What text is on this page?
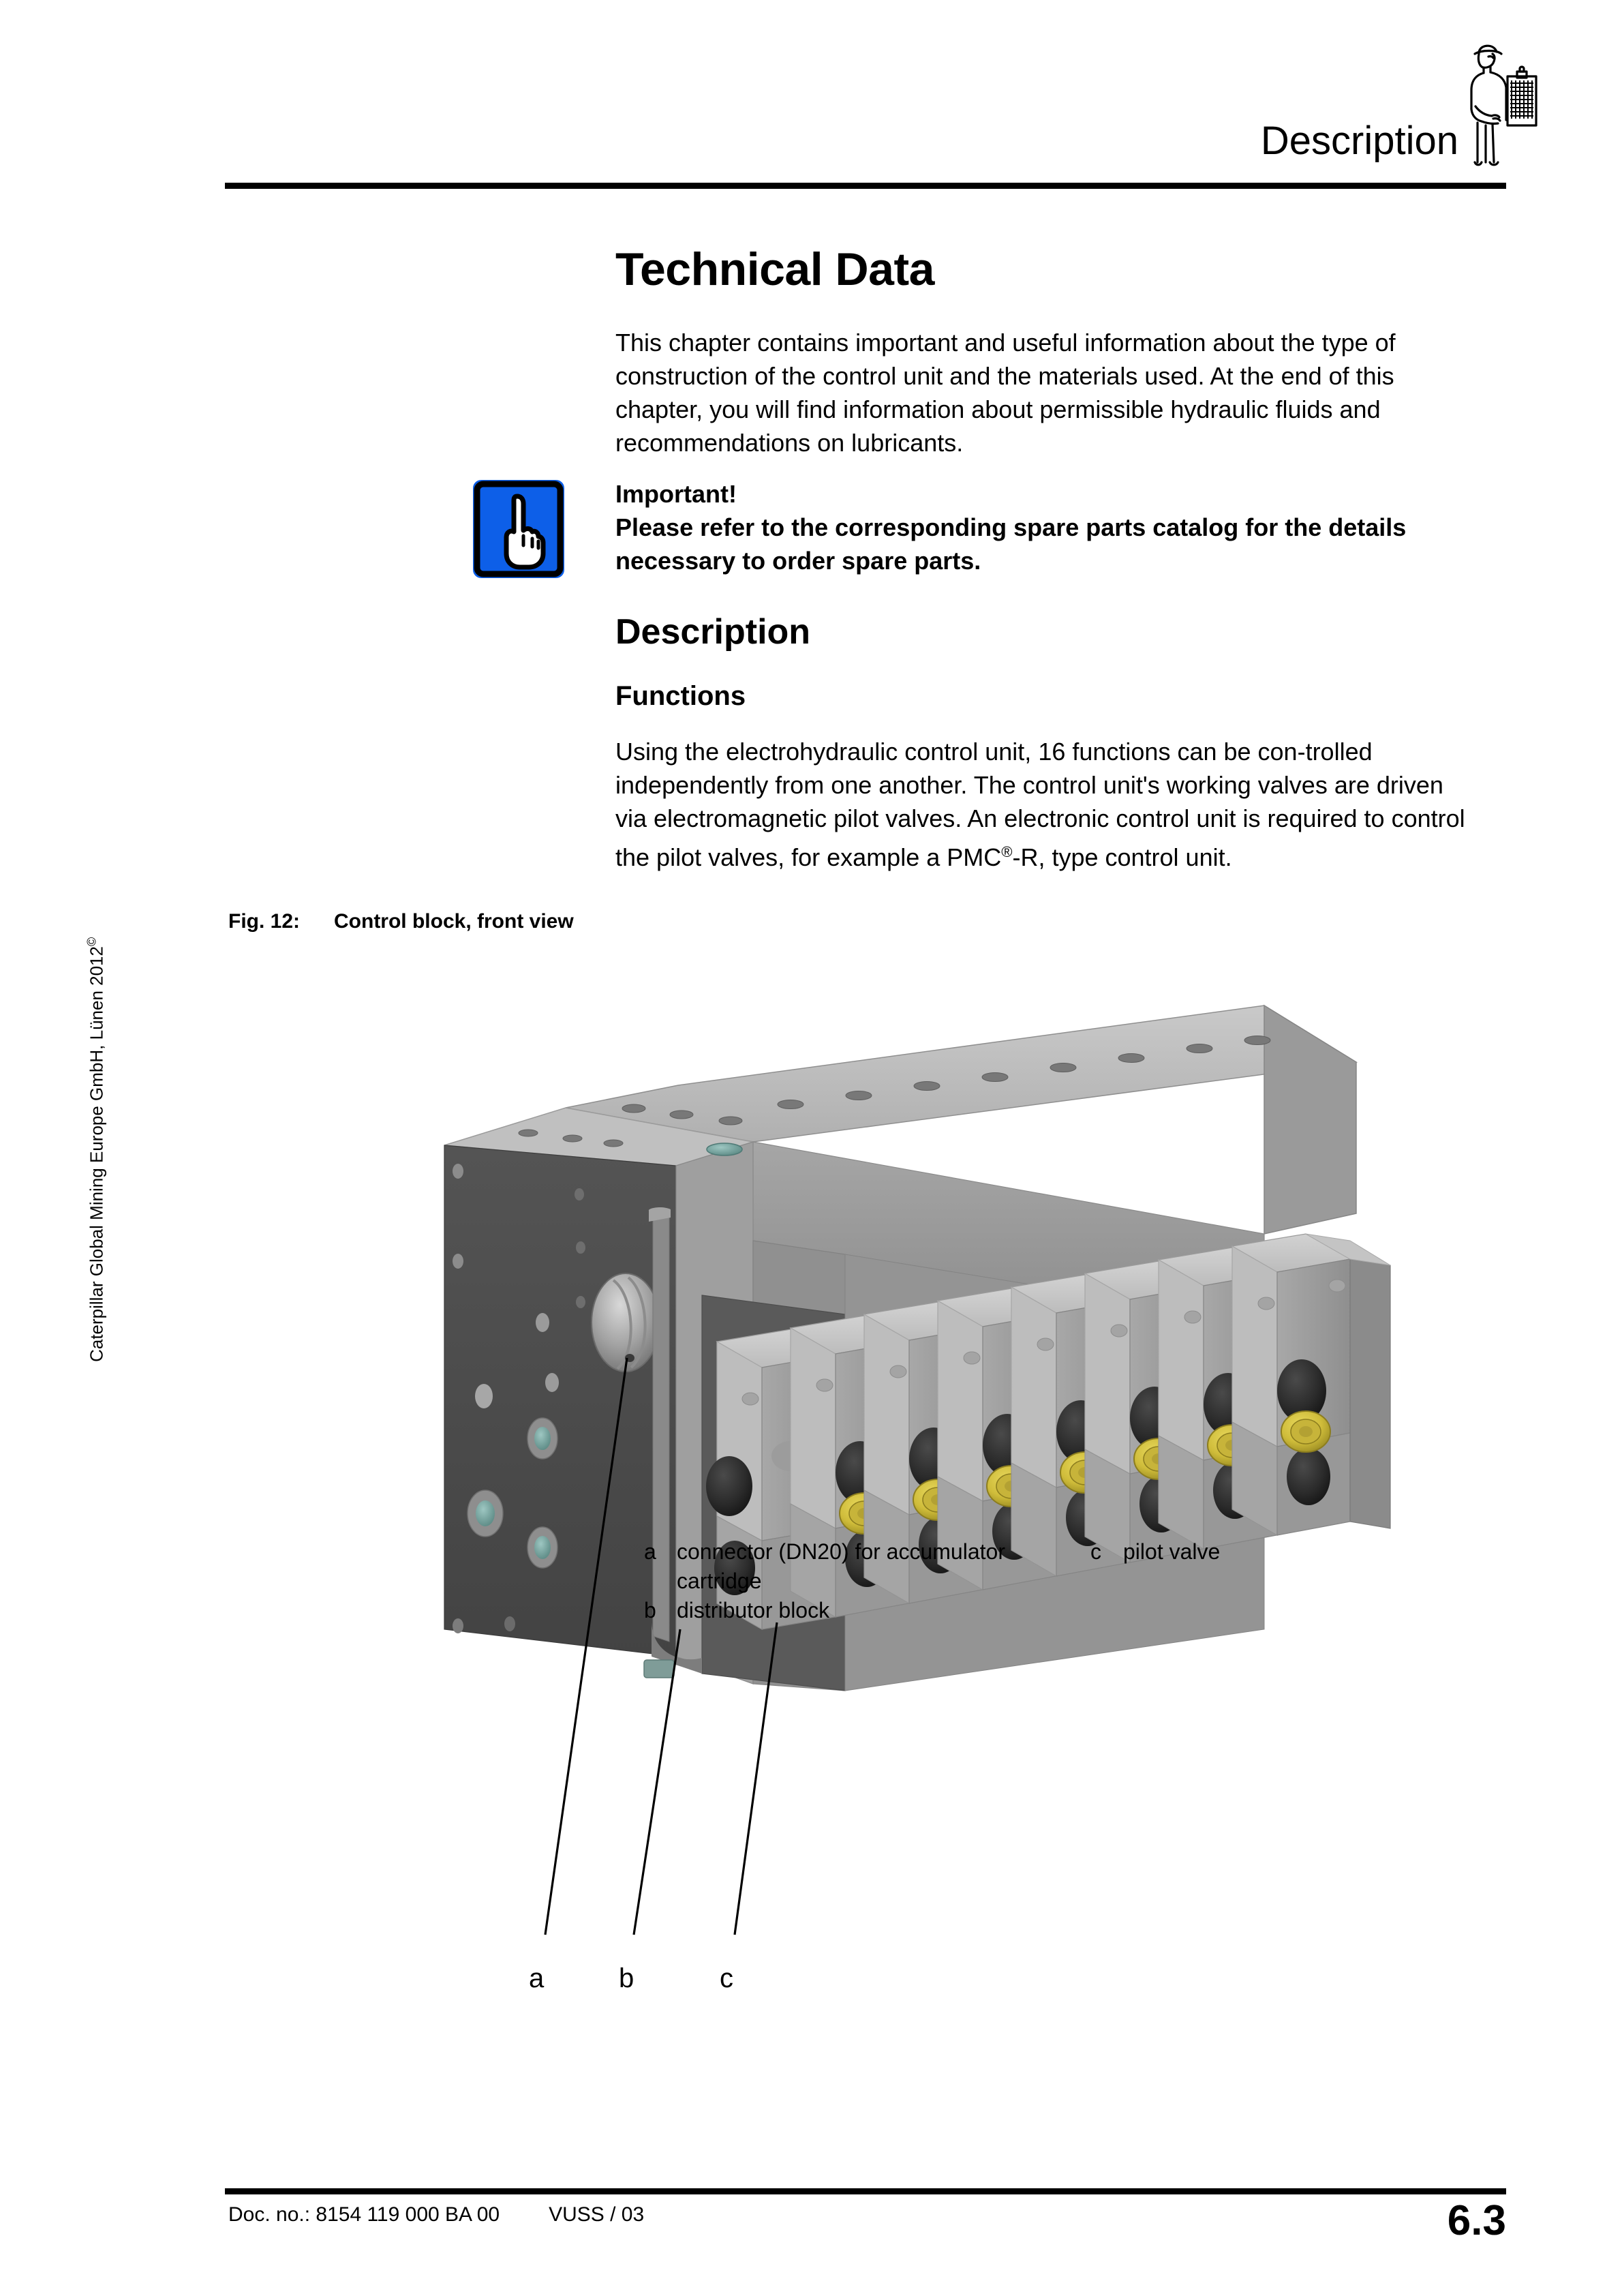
Description
Caterpillar Global Mining Europe GmbH, Lünen 2012©
Technical Data
This chapter contains important and useful information about the type of construction of the control unit and the materials used. At the end of this chapter, you will find information about permissible hydraulic fluids and recommendations on lubricants.
Important!
Please refer to the corresponding spare parts catalog for the details necessary to order spare parts.
Description
Functions
Using the electrohydraulic control unit, 16 functions can be con-trolled independently from one another. The control unit's working valves are driven via electromagnetic pilot valves. An electronic control unit is required to control the pilot valves, for example a PMC®-R, type control unit.
Fig. 12: Control block, front view
a	b	c
a connector (DN20) for accumulator cartridge
b distributor block
c pilot valve
Doc. no.: 8154 119 000 BA 00 VUSS / 03	6.3
